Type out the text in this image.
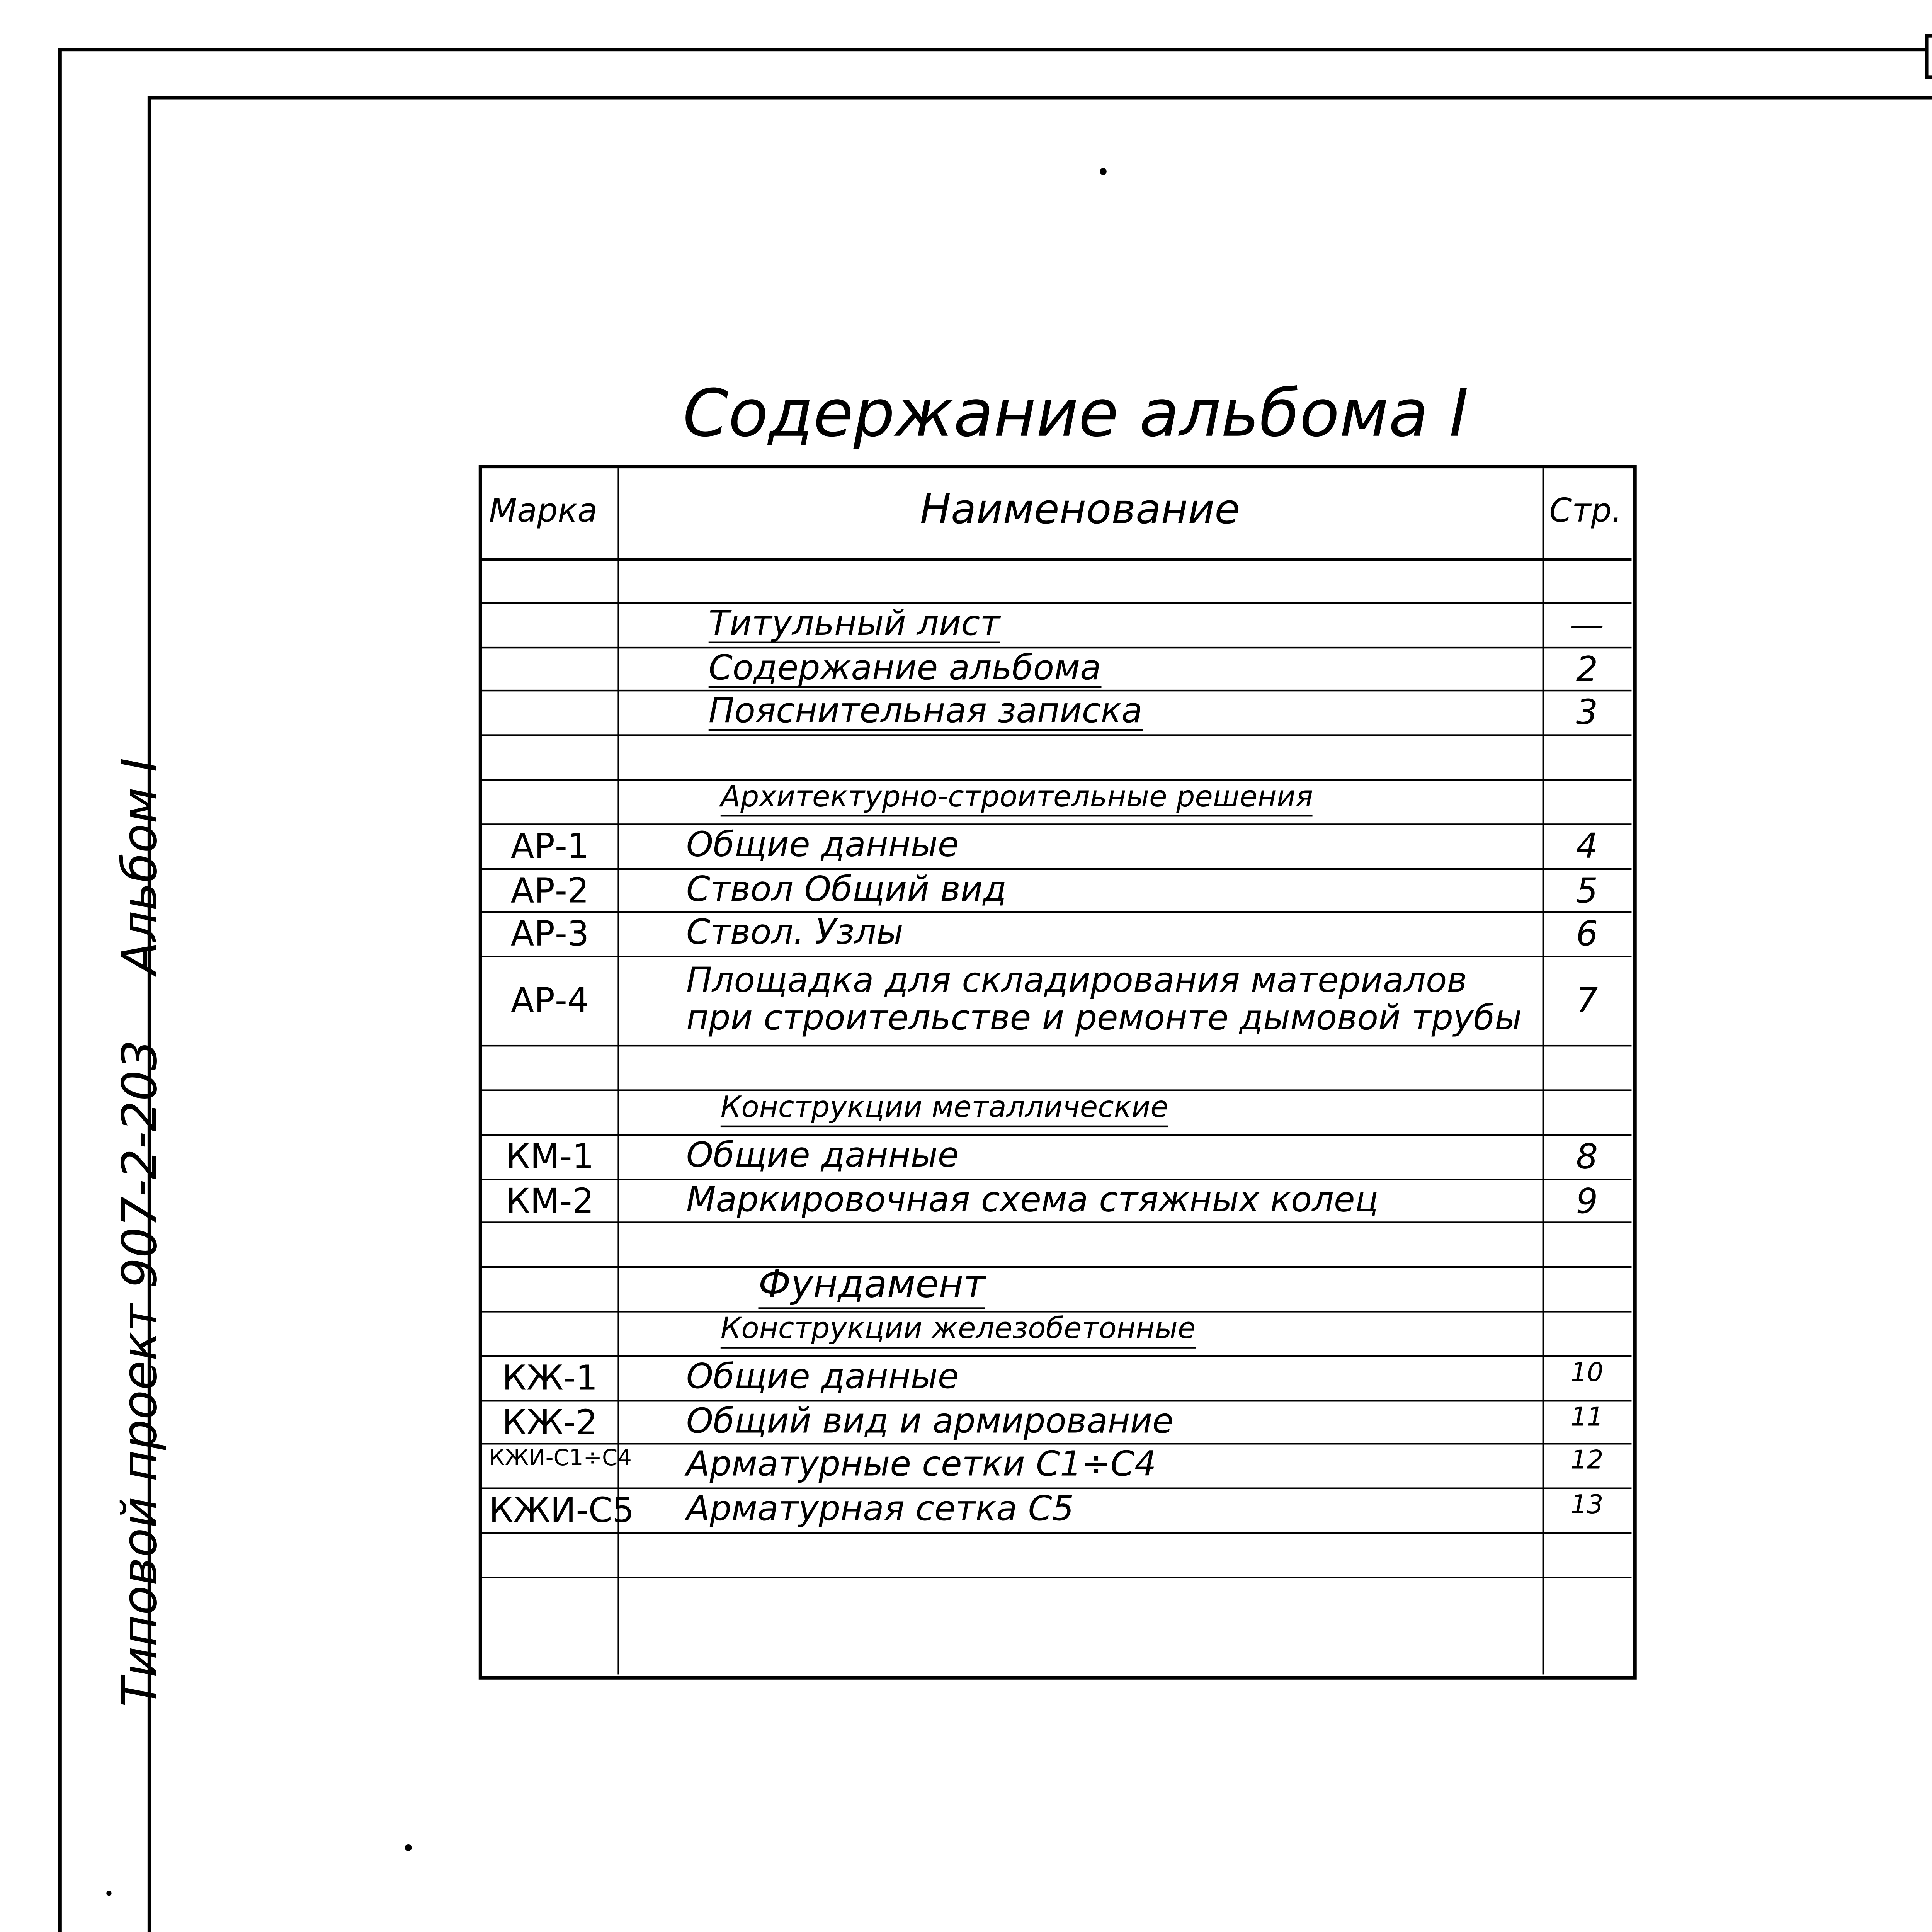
Содержание альбома I
Типовой проект 907-2-203
Альбом I
Марка	Наименование	Стр.
Титульный лист	—
Содержание альбома	2
Пояснительная записка	3
Архитектурно-строительные решения
АР-1	Общие данные	4
АР-2	Ствол Общий вид	5
АР-3	Ствол. Узлы	6
АР-4	Площадка для складирования материалов
при строительстве и ремонте дымовой трубы	7
Конструкции металлические
КМ-1	Общие данные	8
КМ-2	Маркировочная схема стяжных колец	9
Фундамент
Конструкции железобетонные
КЖ-1	Общие данные	10
КЖ-2	Общий вид и армирование	11
КЖИ-С1÷С4	Арматурные сетки С1÷С4	12
КЖИ-С5	Арматурная сетка С5	13
